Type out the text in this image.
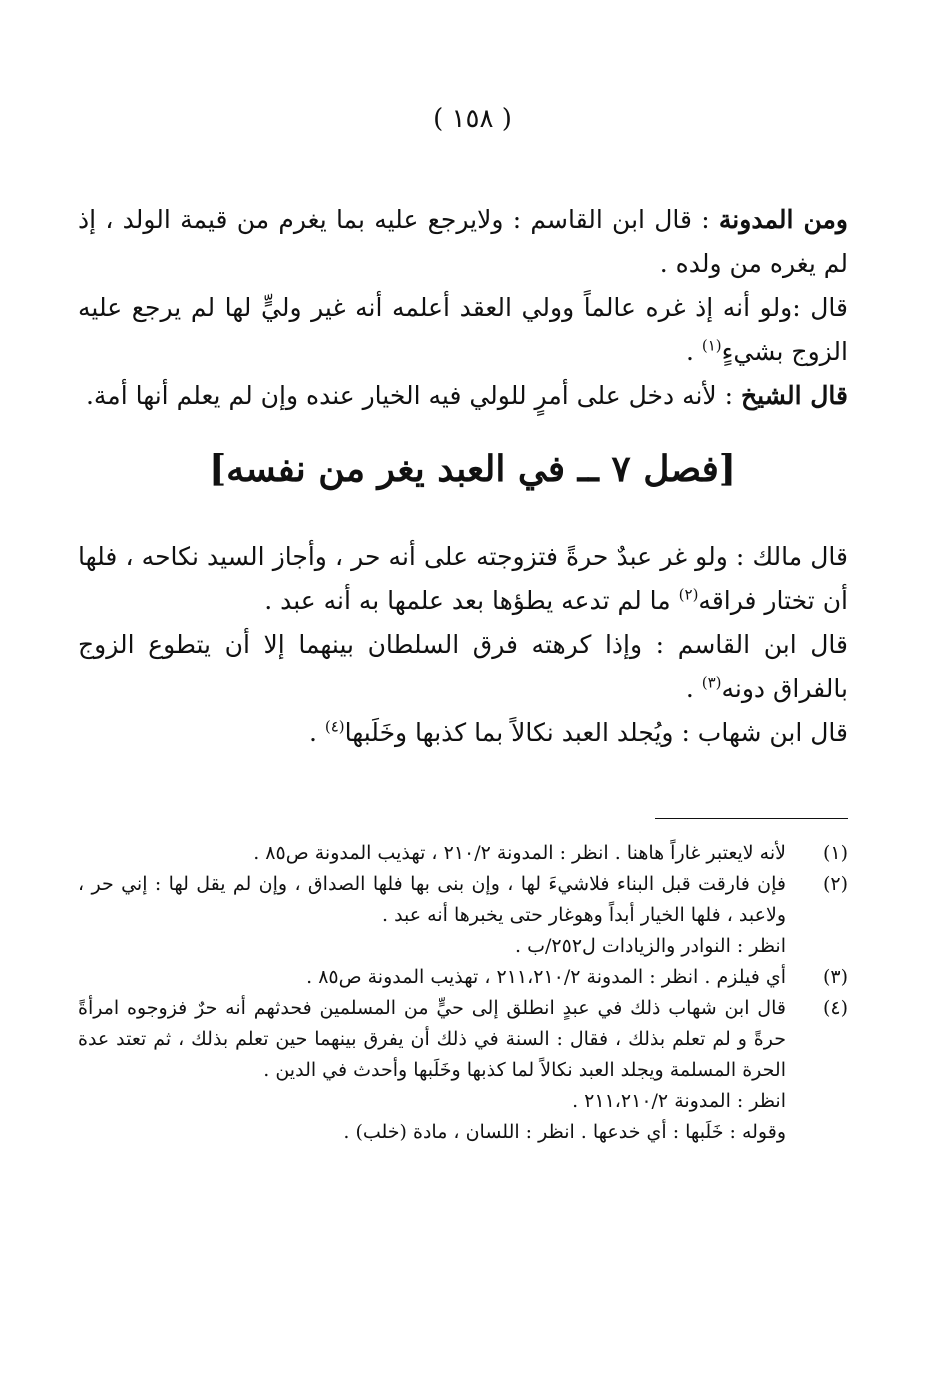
( ١٥٨ )

ومن المدونة : قال ابن القاسم : ولايرجع عليه بما يغرم من قيمة الولد ، إذ لم يغره من ولده .

قال :ولو أنه إذ غره عالماً وولي العقد أعلمه أنه غير وليٍّ لها لم يرجع عليه الزوج بشيءٍ$^{(١)}$ .

قال الشيخ : لأنه دخل على أمرٍ للولي فيه الخيار عنده وإن لم يعلم أنها أمة.

[فصل ٧ ــ في العبد يغر من نفسه]

قال مالك : ولو غر عبدٌ حرةً فتزوجته على أنه حر ، وأجاز السيد نكاحه ، فلها أن تختار فراقه$^{(٢)}$ ما لم تدعه يطؤها بعد علمها به أنه عبد .

قال ابن القاسم : وإذا كرهته فرق السلطان بينهما إلا أن يتطوع الزوج بالفراق دونه$^{(٣)}$ .

قال ابن شهاب : ويُجلد العبد نكالاً بما كذبها وخَلَبها$^{(٤)}$ .

(١)
لأنه لايعتبر غاراً هاهنا . انظر : المدونة ٢١٠/٢ ، تهذيب المدونة ص٨٥ .
(٢)
فإن فارقت قبل البناء فلاشيءَ لها ، وإن بنى بها فلها الصداق ، وإن لم يقل لها : إني حر ، ولاعبد ، فلها الخيار أبداً وهوغار حتى يخبرها أنه عبد .
انظر : النوادر والزيادات ل٢٥٢/ب .
(٣)
أي فيلزم . انظر : المدونة ٢١١،٢١٠/٢ ، تهذيب المدونة ص٨٥ .
(٤)
قال ابن شهاب ذلك في عبدٍ انطلق إلى حيٍّ من المسلمين فحدثهم أنه حرٌ فزوجوه امرأةً حرةً و لم تعلم بذلك ، فقال : السنة في ذلك أن يفرق بينهما حين تعلم بذلك ، ثم تعتد عدة الحرة المسلمة ويجلد العبد نكالاً لما كذبها وخَلَبها وأحدث في الدين .
انظر : المدونة ٢١١،٢١٠/٢ .
وقوله : خَلَبها : أي خدعها . انظر : اللسان ، مادة (خلب) .
